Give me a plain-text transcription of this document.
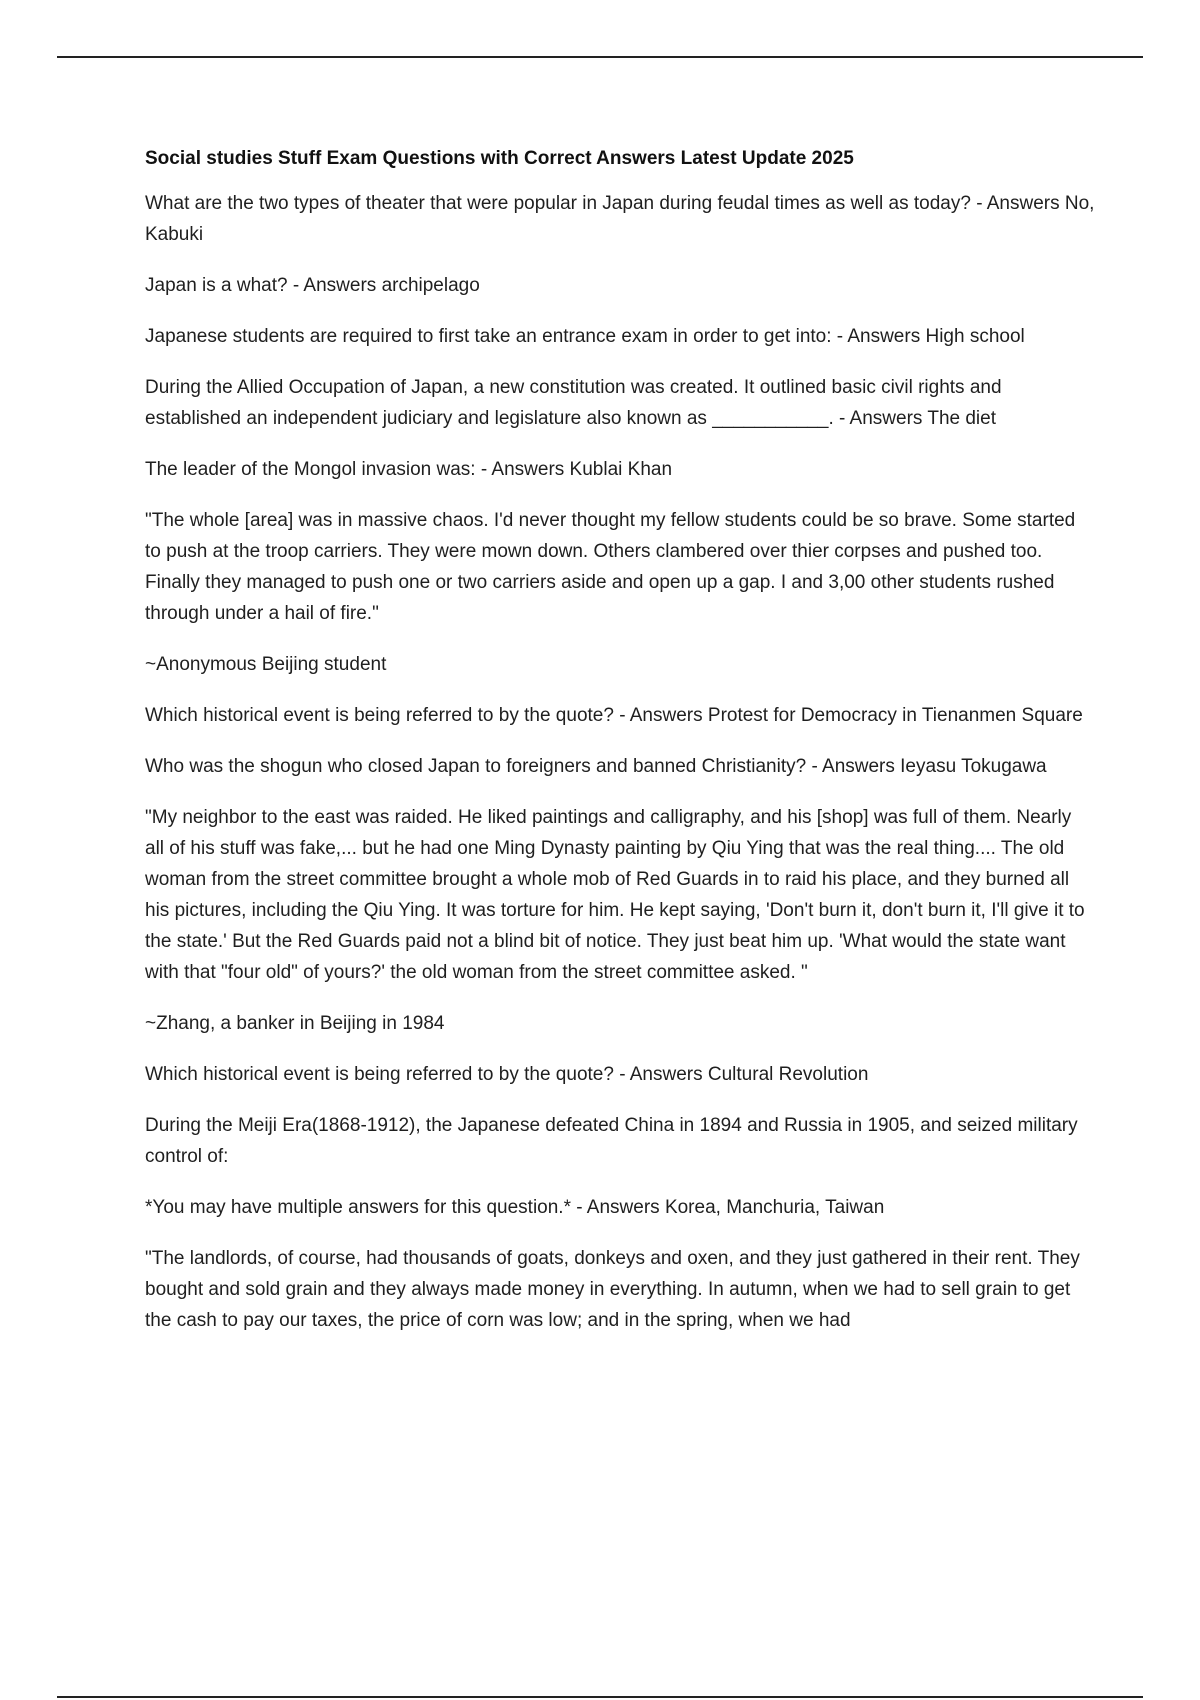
Social studies Stuff Exam Questions with Correct Answers Latest Update 2025

What are the two types of theater that were popular in Japan during feudal times as well as today? - Answers No, Kabuki

Japan is a what? - Answers archipelago

Japanese students are required to first take an entrance exam in order to get into: - Answers High school

During the Allied Occupation of Japan, a new constitution was created. It outlined basic civil rights and established an independent judiciary and legislature also known as ___________. - Answers The diet

The leader of the Mongol invasion was: - Answers Kublai Khan

"The whole [area] was in massive chaos. I'd never thought my fellow students could be so brave. Some started to push at the troop carriers. They were mown down. Others clambered over thier corpses and pushed too. Finally they managed to push one or two carriers aside and open up a gap. I and 3,00 other students rushed through under a hail of fire."

~Anonymous Beijing student

Which historical event is being referred to by the quote? - Answers Protest for Democracy in Tienanmen Square

Who was the shogun who closed Japan to foreigners and banned Christianity? - Answers Ieyasu Tokugawa

"My neighbor to the east was raided. He liked paintings and calligraphy, and his [shop] was full of them. Nearly all of his stuff was fake,... but he had one Ming Dynasty painting by Qiu Ying that was the real thing.... The old woman from the street committee brought a whole mob of Red Guards in to raid his place, and they burned all his pictures, including the Qiu Ying. It was torture for him. He kept saying, 'Don't burn it, don't burn it, I'll give it to the state.' But the Red Guards paid not a blind bit of notice. They just beat him up. 'What would the state want with that "four old" of yours?' the old woman from the street committee asked. "

~Zhang, a banker in Beijing in 1984

Which historical event is being referred to by the quote? - Answers Cultural Revolution

During the Meiji Era(1868-1912), the Japanese defeated China in 1894 and Russia in 1905, and seized military control of:

*You may have multiple answers for this question.* - Answers Korea, Manchuria, Taiwan

"The landlords, of course, had thousands of goats, donkeys and oxen, and they just gathered in their rent. They bought and sold grain and they always made money in everything. In autumn, when we had to sell grain to get the cash to pay our taxes, the price of corn was low; and in the spring, when we had
